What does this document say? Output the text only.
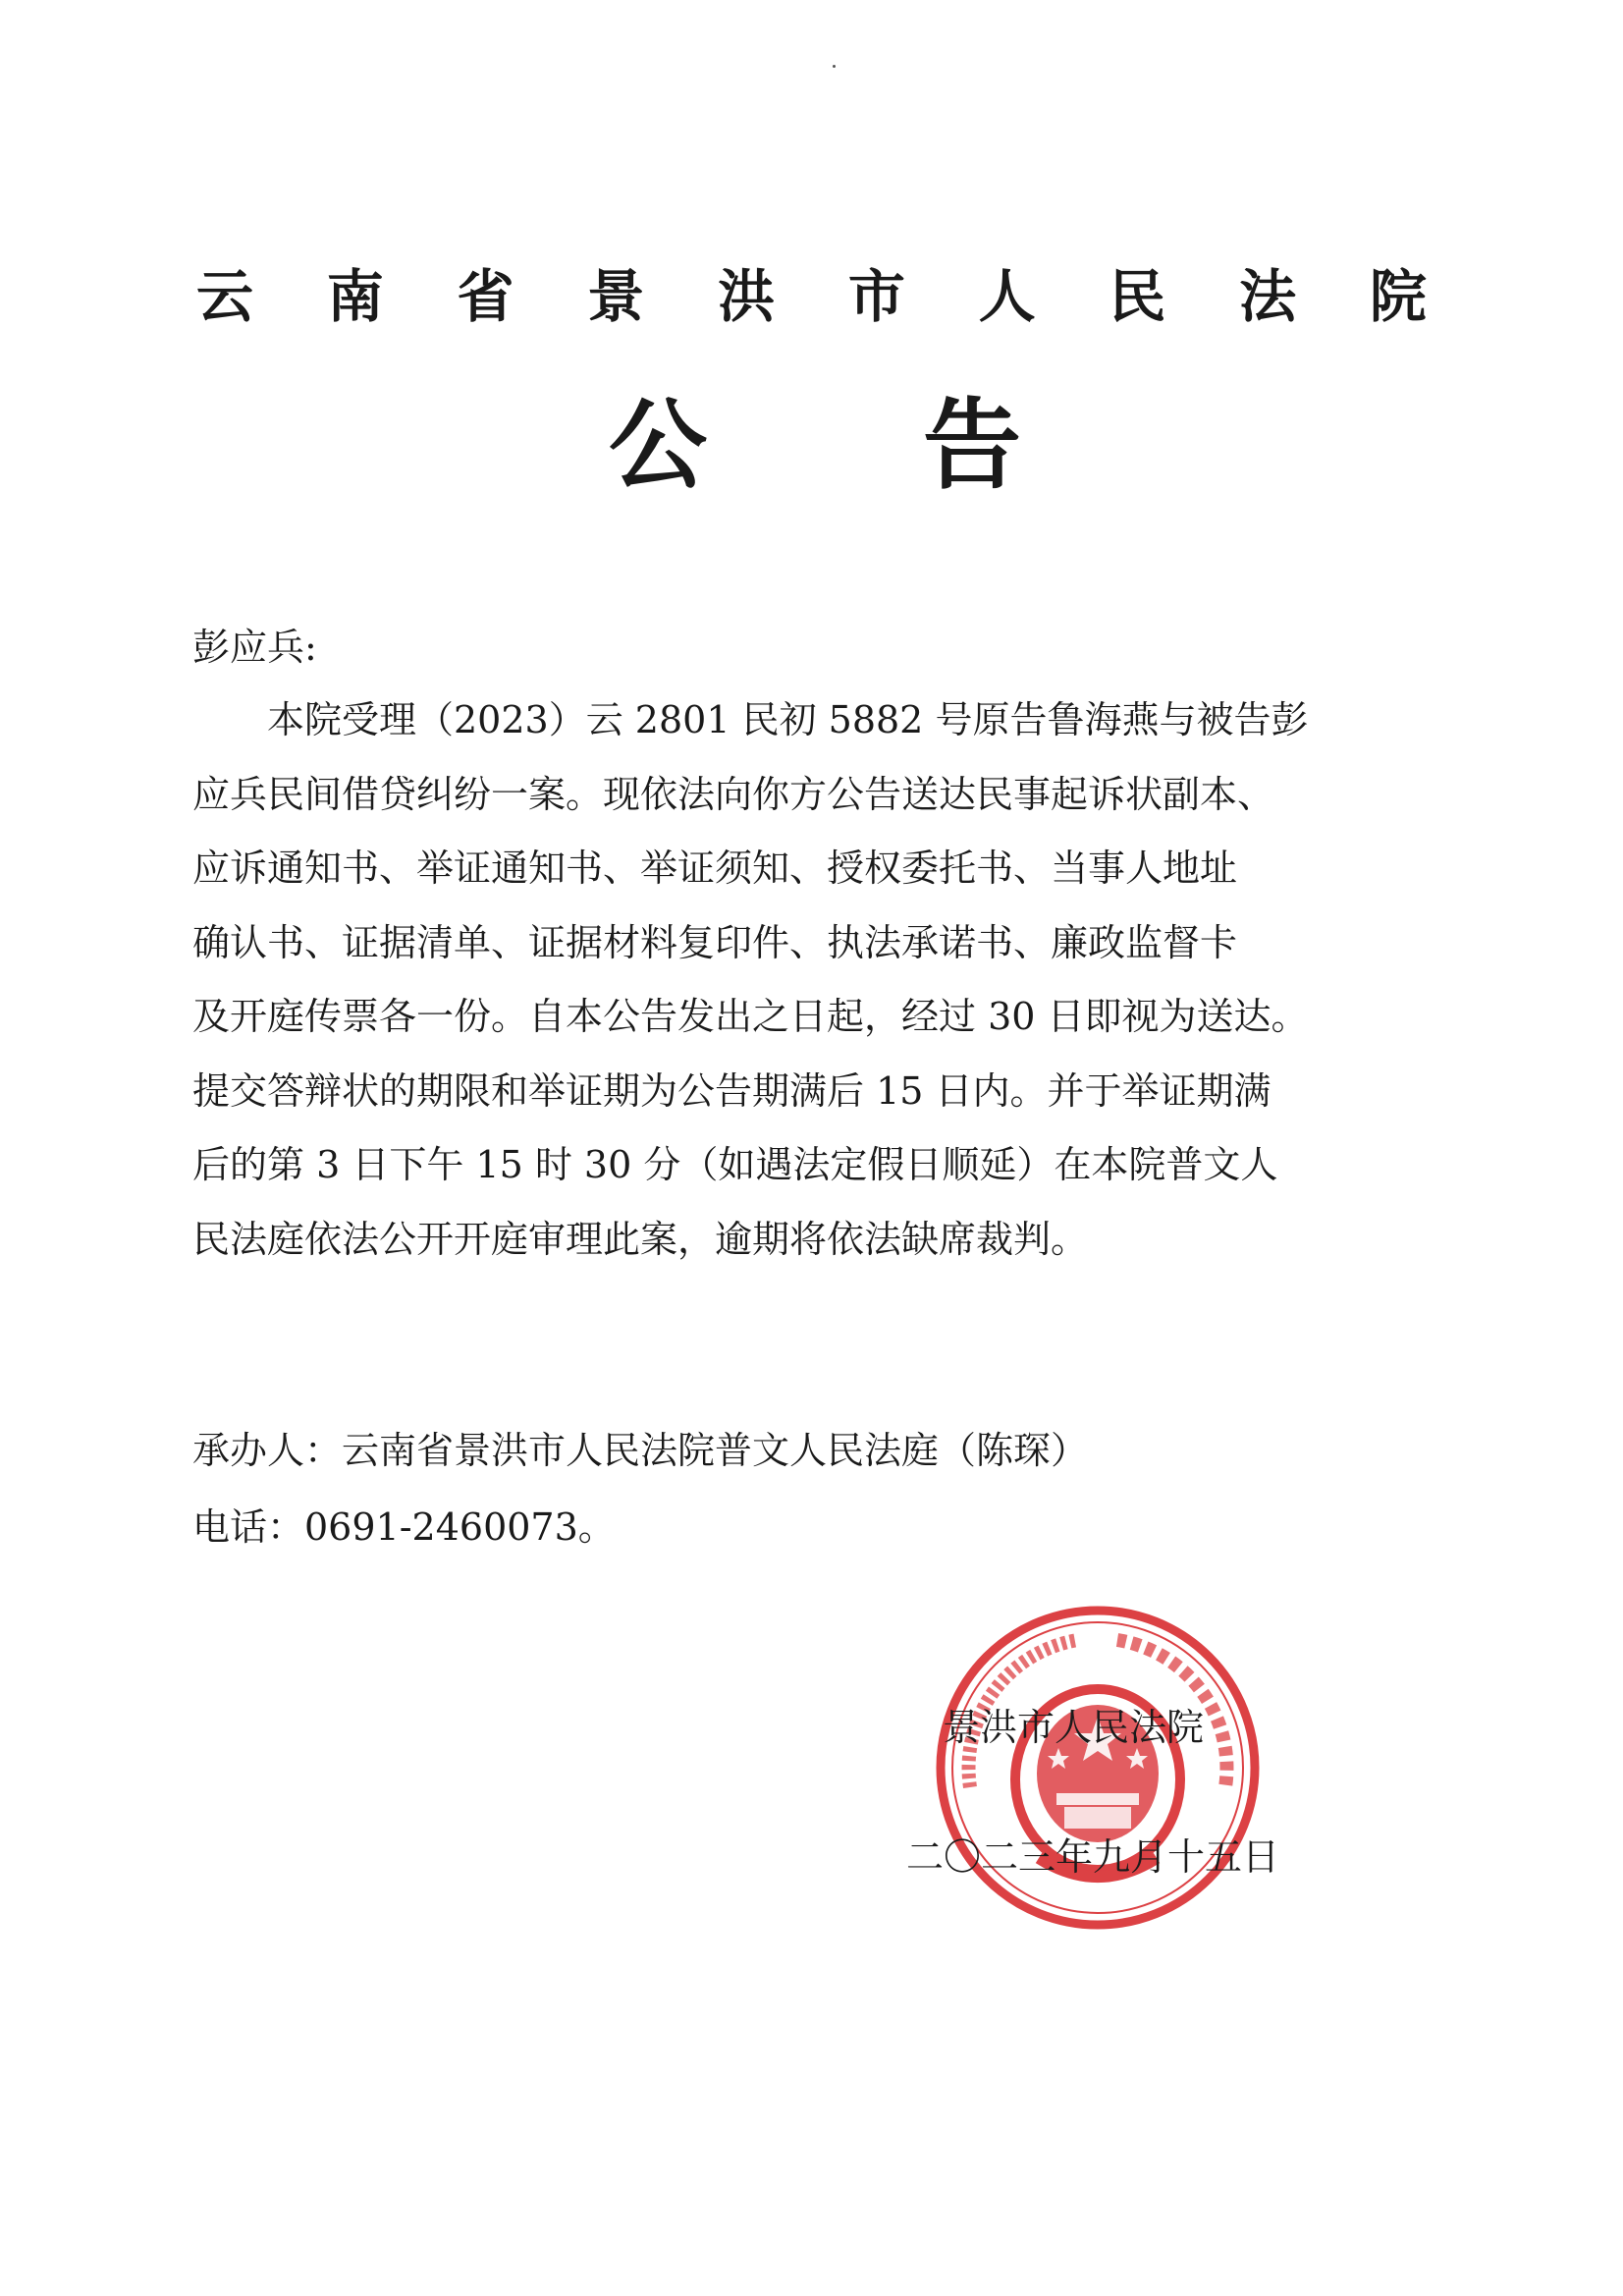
云 南 省 景 洪 市 人 民 法 院
公 告
彭应兵:
本院受理（2023）云 2801 民初 5882 号原告鲁海燕与被告彭
应兵民间借贷纠纷一案。现依法向你方公告送达民事起诉状副本、
应诉通知书、举证通知书、举证须知、授权委托书、当事人地址
确认书、证据清单、证据材料复印件、执法承诺书、廉政监督卡
及开庭传票各一份。自本公告发出之日起，经过 30 日即视为送达。
提交答辩状的期限和举证期为公告期满后 15 日内。并于举证期满
后的第 3 日下午 15 时 30 分（如遇法定假日顺延）在本院普文人
民法庭依法公开开庭审理此案，逾期将依法缺席裁判。
承办人：云南省景洪市人民法院普文人民法庭（陈琛）
电话：0691-2460073。
景洪市人民法院
二〇二三年九月十五日
